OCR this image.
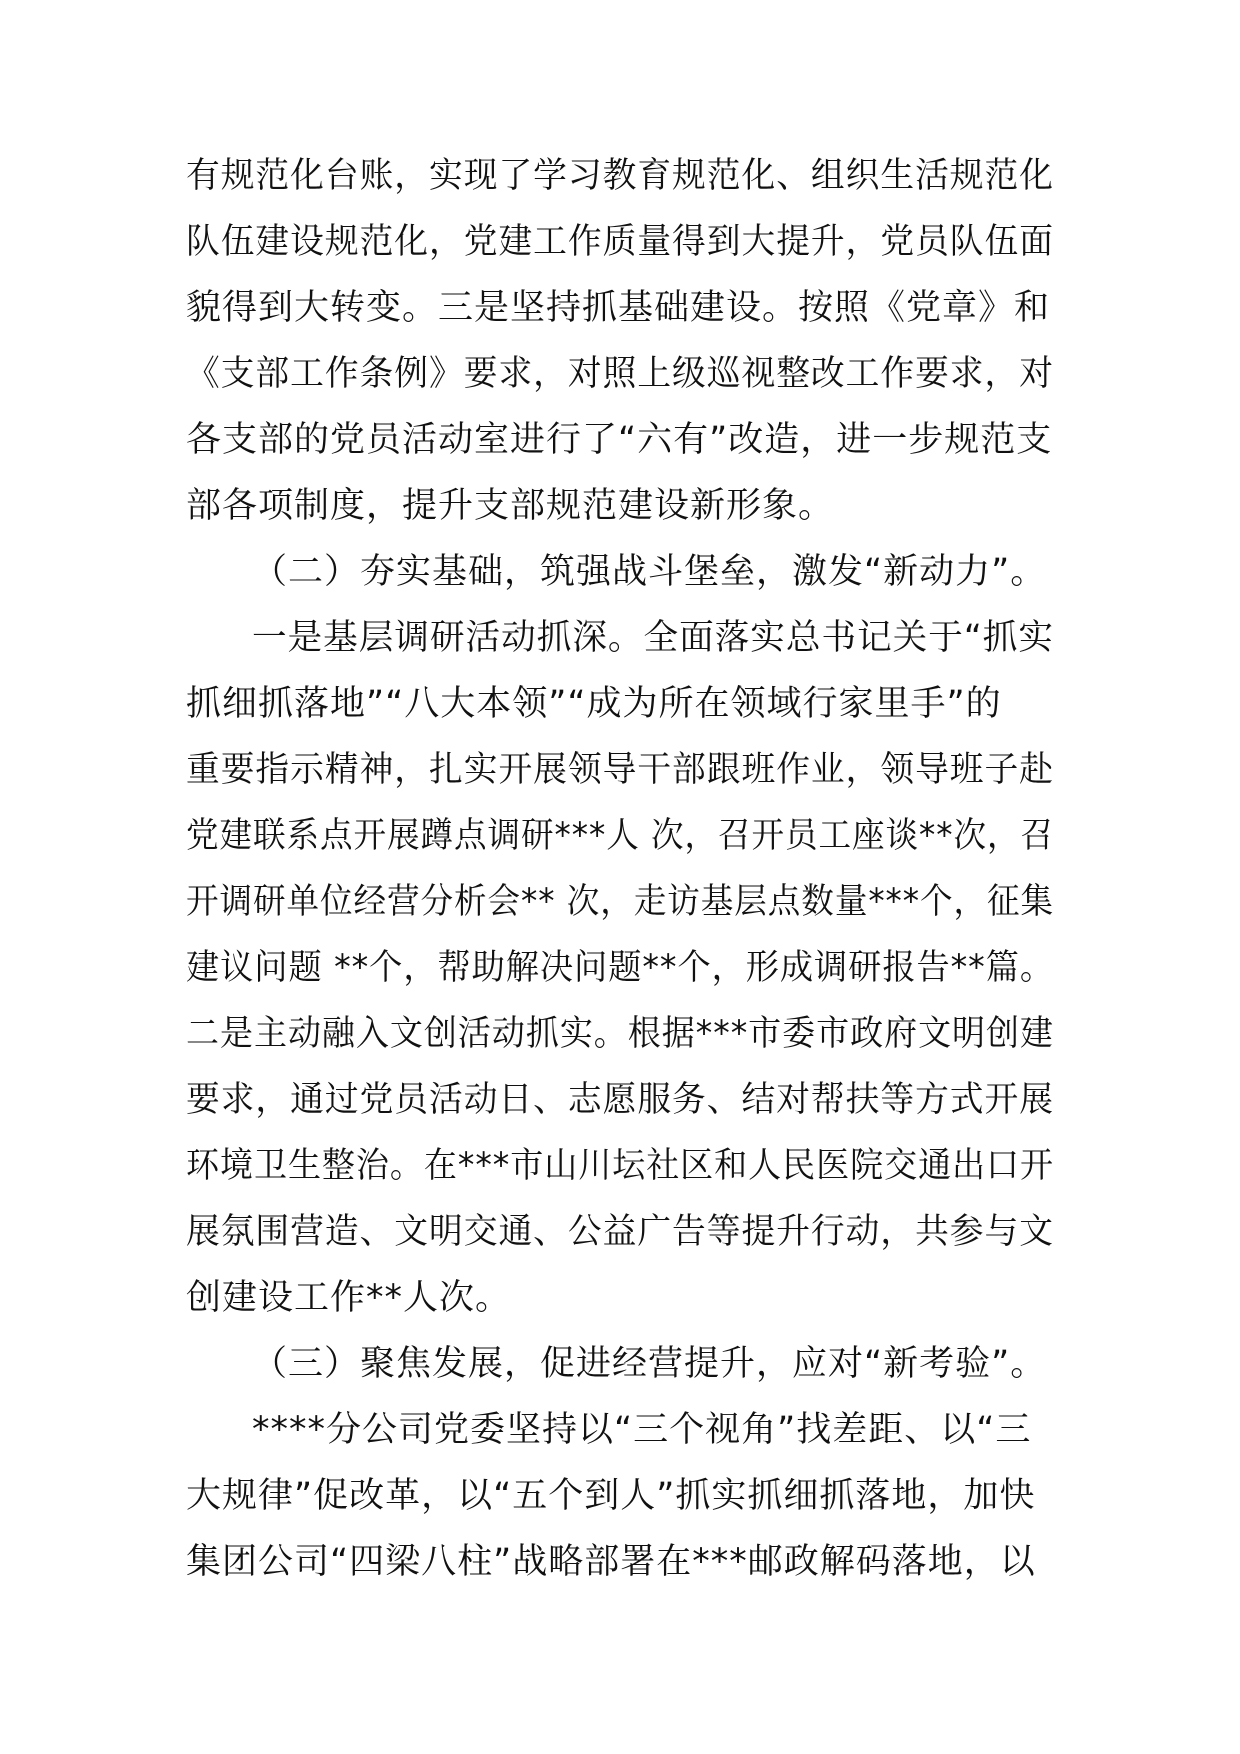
有规范化台账，实现了学习教育规范化、组织生活规范化
队伍建设规范化，党建工作质量得到大提升，党员队伍面
貌得到大转变。三是坚持抓基础建设。按照《党章》和
《支部工作条例》要求，对照上级巡视整改工作要求，对
各支部的党员活动室进行了“六有”改造，进一步规范支
部各项制度，提升支部规范建设新形象。
（二）夯实基础，筑强战斗堡垒，激发“新动力”。
一是基层调研活动抓深。全面落实总书记关于“抓实
抓细抓落地”“八大本领”“成为所在领域行家里手”的
重要指示精神，扎实开展领导干部跟班作业，领导班子赴
党建联系点开展蹲点调研***人 次，召开员工座谈**次，召
开调研单位经营分析会** 次，走访基层点数量***个，征集
建议问题 **个，帮助解决问题**个，形成调研报告**篇。
二是主动融入文创活动抓实。根据***市委市政府文明创建
要求，通过党员活动日、志愿服务、结对帮扶等方式开展
环境卫生整治。在***市山川坛社区和人民医院交通出口开
展氛围营造、文明交通、公益广告等提升行动，共参与文
创建设工作**人次。
（三）聚焦发展，促进经营提升，应对“新考验”。
****分公司党委坚持以“三个视角”找差距、以“三
大规律”促改革，以“五个到人”抓实抓细抓落地，加快
集团公司“四梁八柱”战略部署在***邮政解码落地，以
